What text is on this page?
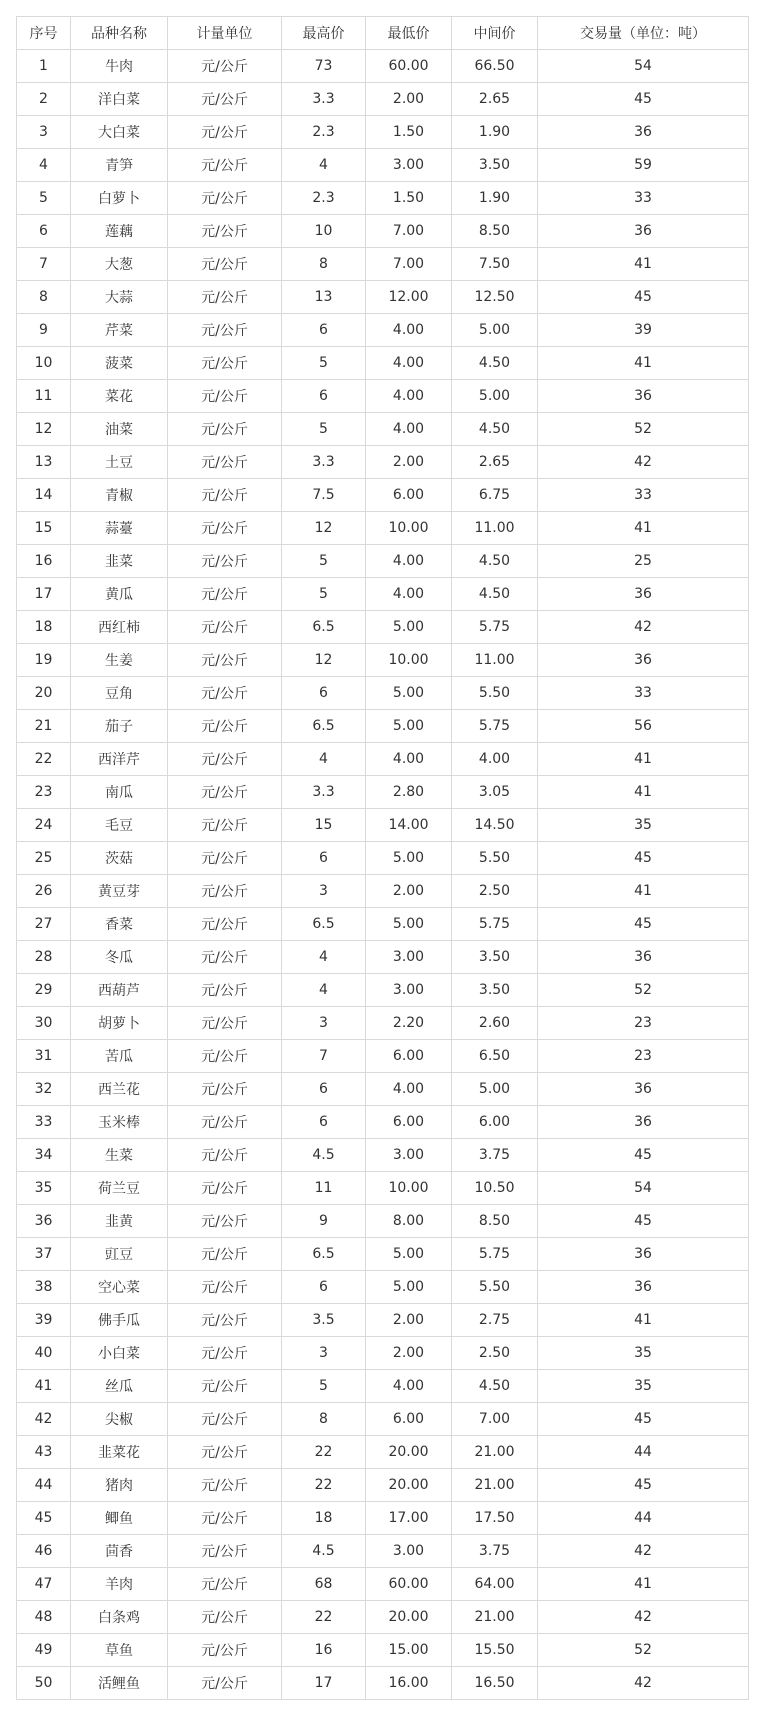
序号	品种名称	计量单位	最高价	最低价	中间价	交易量（单位：吨）
1	牛肉	元/公斤	73	60.00	66.50	54
2	洋白菜	元/公斤	3.3	2.00	2.65	45
3	大白菜	元/公斤	2.3	1.50	1.90	36
4	青笋	元/公斤	4	3.00	3.50	59
5	白萝卜	元/公斤	2.3	1.50	1.90	33
6	莲藕	元/公斤	10	7.00	8.50	36
7	大葱	元/公斤	8	7.00	7.50	41
8	大蒜	元/公斤	13	12.00	12.50	45
9	芹菜	元/公斤	6	4.00	5.00	39
10	菠菜	元/公斤	5	4.00	4.50	41
11	菜花	元/公斤	6	4.00	5.00	36
12	油菜	元/公斤	5	4.00	4.50	52
13	土豆	元/公斤	3.3	2.00	2.65	42
14	青椒	元/公斤	7.5	6.00	6.75	33
15	蒜薹	元/公斤	12	10.00	11.00	41
16	韭菜	元/公斤	5	4.00	4.50	25
17	黄瓜	元/公斤	5	4.00	4.50	36
18	西红柿	元/公斤	6.5	5.00	5.75	42
19	生姜	元/公斤	12	10.00	11.00	36
20	豆角	元/公斤	6	5.00	5.50	33
21	茄子	元/公斤	6.5	5.00	5.75	56
22	西洋芹	元/公斤	4	4.00	4.00	41
23	南瓜	元/公斤	3.3	2.80	3.05	41
24	毛豆	元/公斤	15	14.00	14.50	35
25	茨菇	元/公斤	6	5.00	5.50	45
26	黄豆芽	元/公斤	3	2.00	2.50	41
27	香菜	元/公斤	6.5	5.00	5.75	45
28	冬瓜	元/公斤	4	3.00	3.50	36
29	西葫芦	元/公斤	4	3.00	3.50	52
30	胡萝卜	元/公斤	3	2.20	2.60	23
31	苦瓜	元/公斤	7	6.00	6.50	23
32	西兰花	元/公斤	6	4.00	5.00	36
33	玉米棒	元/公斤	6	6.00	6.00	36
34	生菜	元/公斤	4.5	3.00	3.75	45
35	荷兰豆	元/公斤	11	10.00	10.50	54
36	韭黄	元/公斤	9	8.00	8.50	45
37	豇豆	元/公斤	6.5	5.00	5.75	36
38	空心菜	元/公斤	6	5.00	5.50	36
39	佛手瓜	元/公斤	3.5	2.00	2.75	41
40	小白菜	元/公斤	3	2.00	2.50	35
41	丝瓜	元/公斤	5	4.00	4.50	35
42	尖椒	元/公斤	8	6.00	7.00	45
43	韭菜花	元/公斤	22	20.00	21.00	44
44	猪肉	元/公斤	22	20.00	21.00	45
45	鲫鱼	元/公斤	18	17.00	17.50	44
46	茴香	元/公斤	4.5	3.00	3.75	42
47	羊肉	元/公斤	68	60.00	64.00	41
48	白条鸡	元/公斤	22	20.00	21.00	42
49	草鱼	元/公斤	16	15.00	15.50	52
50	活鲤鱼	元/公斤	17	16.00	16.50	42
